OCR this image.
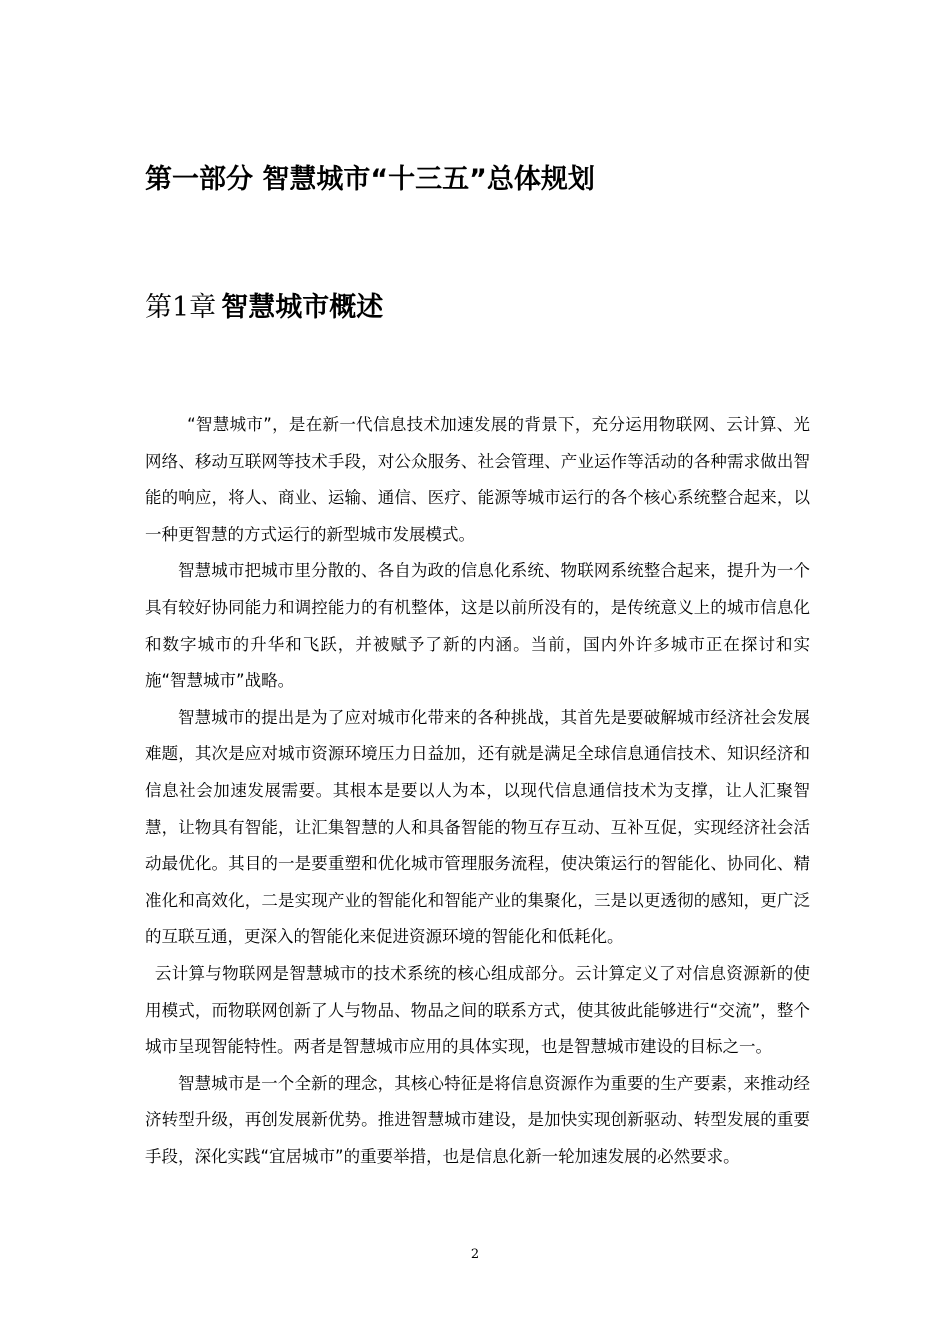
第一部分 智慧城市“十三五”总体规划
第1章 智慧城市概述

“智慧城市”，是在新一代信息技术加速发展的背景下，充分运用物联网、云计算、光网络、移动互联网等技术手段，对公众服务、社会管理、产业运作等活动的各种需求做出智能的响应，将人、商业、运输、通信、医疗、能源等城市运行的各个核心系统整合起来，以一种更智慧的方式运行的新型城市发展模式。

智慧城市把城市里分散的、各自为政的信息化系统、物联网系统整合起来，提升为一个具有较好协同能力和调控能力的有机整体，这是以前所没有的，是传统意义上的城市信息化和数字城市的升华和飞跃，并被赋予了新的内涵。当前，国内外许多城市正在探讨和实施“智慧城市”战略。

智慧城市的提出是为了应对城市化带来的各种挑战，其首先是要破解城市经济社会发展难题，其次是应对城市资源环境压力日益加，还有就是满足全球信息通信技术、知识经济和信息社会加速发展需要。其根本是要以人为本，以现代信息通信技术为支撑，让人汇聚智慧，让物具有智能，让汇集智慧的人和具备智能的物互存互动、互补互促，实现经济社会活动最优化。其目的一是要重塑和优化城市管理服务流程，使决策运行的智能化、协同化、精准化和高效化，二是实现产业的智能化和智能产业的集聚化，三是以更透彻的感知，更广泛的互联互通，更深入的智能化来促进资源环境的智能化和低耗化。

云计算与物联网是智慧城市的技术系统的核心组成部分。云计算定义了对信息资源新的使用模式，而物联网创新了人与物品、物品之间的联系方式，使其彼此能够进行“交流”，整个城市呈现智能特性。两者是智慧城市应用的具体实现，也是智慧城市建设的目标之一。

智慧城市是一个全新的理念，其核心特征是将信息资源作为重要的生产要素，来推动经济转型升级，再创发展新优势。推进智慧城市建设，是加快实现创新驱动、转型发展的重要手段，深化实践“宜居城市”的重要举措，也是信息化新一轮加速发展的必然要求。

2
